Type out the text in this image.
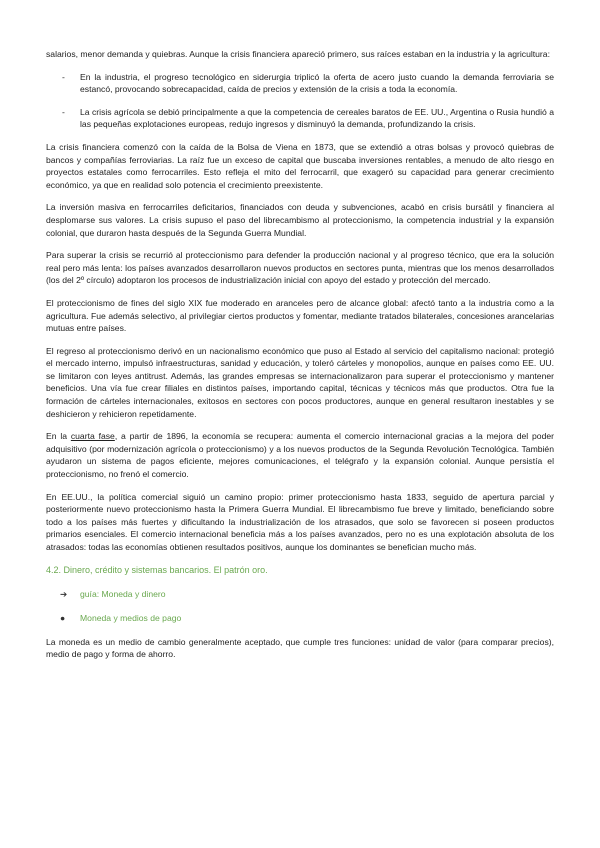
salarios, menor demanda y quiebras. Aunque la crisis financiera apareció primero, sus raíces estaban en la industria y la agricultura:

-	En la industria, el progreso tecnológico en siderurgia triplicó la oferta de acero justo cuando la demanda ferroviaria se estancó, provocando sobrecapacidad, caída de precios y extensión de la crisis a toda la economía.

-	La crisis agrícola se debió principalmente a que la competencia de cereales baratos de EE. UU., Argentina o Rusia hundió a las pequeñas explotaciones europeas, redujo ingresos y disminuyó la demanda, profundizando la crisis.

La crisis financiera comenzó con la caída de la Bolsa de Viena en 1873, que se extendió a otras bolsas y provocó quiebras de bancos y compañías ferroviarias. La raíz fue un exceso de capital que buscaba inversiones rentables, a menudo de alto riesgo en proyectos estatales como ferrocarriles. Esto refleja el mito del ferrocarril, que exageró su capacidad para generar crecimiento económico, ya que en realidad solo potencia el crecimiento preexistente.

La inversión masiva en ferrocarriles deficitarios, financiados con deuda y subvenciones, acabó en crisis bursátil y financiera al desplomarse sus valores. La crisis supuso el paso del librecambismo al proteccionismo, la competencia industrial y la expansión colonial, que duraron hasta después de la Segunda Guerra Mundial.

Para superar la crisis se recurrió al proteccionismo para defender la producción nacional y al progreso técnico, que era la solución real pero más lenta: los países avanzados desarrollaron nuevos productos en sectores punta, mientras que los menos desarrollados (los del 2º círculo) adoptaron los procesos de industrialización inicial con apoyo del estado y protección del mercado.

El proteccionismo de fines del siglo XIX fue moderado en aranceles pero de alcance global: afectó tanto a la industria como a la agricultura. Fue además selectivo, al privilegiar ciertos productos y fomentar, mediante tratados bilaterales, concesiones arancelarias mutuas entre países.

El regreso al proteccionismo derivó en un nacionalismo económico que puso al Estado al servicio del capitalismo nacional: protegió el mercado interno, impulsó infraestructuras, sanidad y educación, y toleró cárteles y monopolios, aunque en países como EE. UU. se limitaron con leyes antitrust. Además, las grandes empresas se internacionalizaron para superar el proteccionismo y mantener beneficios. Una vía fue crear filiales en distintos países, importando capital, técnicas y técnicos más que productos. Otra fue la formación de cárteles internacionales, exitosos en sectores con pocos productores, aunque en general resultaron inestables y se deshicieron y rehicieron repetidamente.

En la cuarta fase, a partir de 1896, la economía se recupera: aumenta el comercio internacional gracias a la mejora del poder adquisitivo (por modernización agrícola o proteccionismo) y a los nuevos productos de la Segunda Revolución Tecnológica. También ayudaron un sistema de pagos eficiente, mejores comunicaciones, el telégrafo y la expansión colonial. Aunque persistía el proteccionismo, no frenó el comercio.

En EE.UU., la política comercial siguió un camino propio: primer proteccionismo hasta 1833, seguido de apertura parcial y posteriormente nuevo proteccionismo hasta la Primera Guerra Mundial. El librecambismo fue breve y limitado, beneficiando sobre todo a los países más fuertes y dificultando la industrialización de los atrasados, que solo se favorecen si poseen productos primarios esenciales. El comercio internacional beneficia más a los países avanzados, pero no es una explotación absoluta de los atrasados: todas las economías obtienen resultados positivos, aunque los dominantes se benefician mucho más.

4.2. Dinero, crédito y sistemas bancarios. El patrón oro.
➔	guía:
Moneda y dinero
●	Moneda y medios de pago

La moneda es un medio de cambio generalmente aceptado, que cumple tres funciones: unidad de valor (para comparar precios), medio de pago y forma de ahorro.
